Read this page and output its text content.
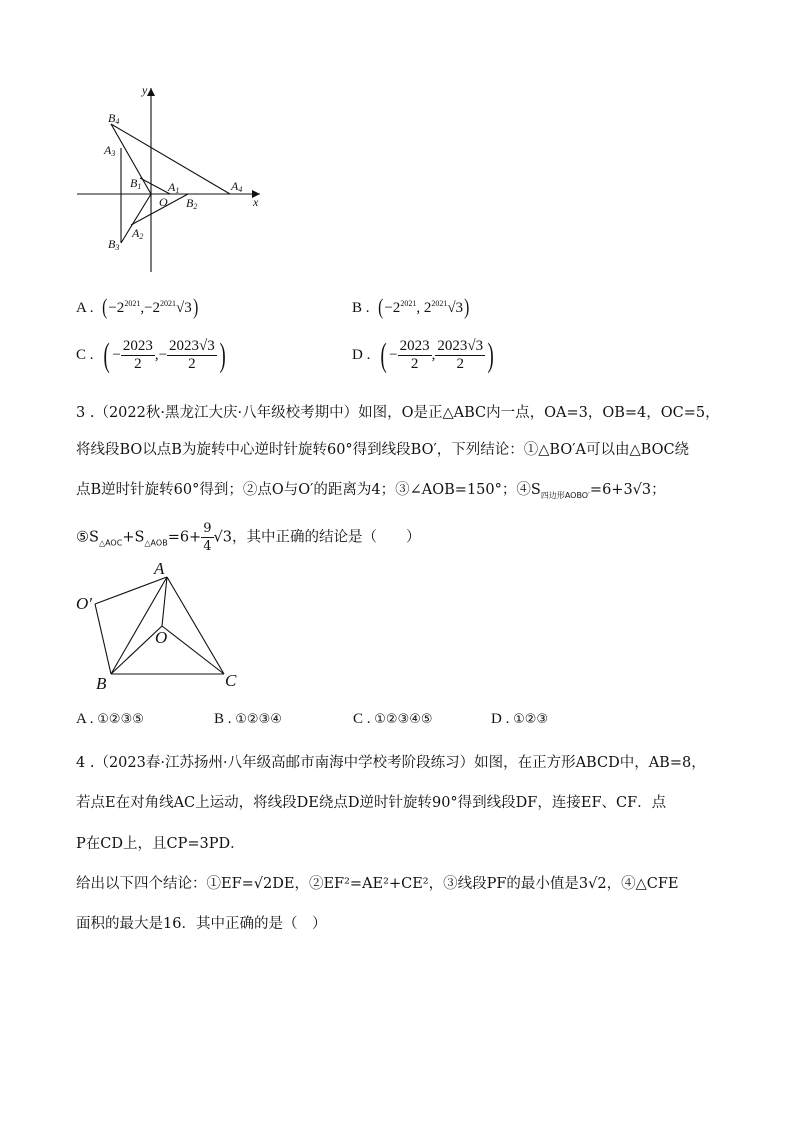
y
x
B4
A3
B1 A1	A4
O B2
A2
B3
A .  $(-2^{2021},-2^{2021}√3)$	B .  ($-2^{2021}$, $2^{2021}√3$)
C .  ( − $\frac{2023}{2}$ ,− $\frac{2023√3}{2}$ )	D .  ( − $\frac{2023}{2}$ , $\frac{2023√3}{2}$ )
3 .（2022秋·黑龙江大庆·八年级校考期中）如图，O是正△ABC内一点，OA=3，OB=4，OC=5，
将线段BO以点B为旋转中心逆时针旋转60°得到线段BO′，下列结论：①△BO′A可以由△BOC绕
点B逆时针旋转60°得到；②点O与O′的距离为4；③∠AOB=150°；$④S_{四边形AOBO'}=6+3√3$；
$⑤S_{\triangle AOC}+S_{\triangle AOB}=6+ \frac{9}{4} √3$，其中正确的结论是（　　）
A
O′
O
B	C
A . ①②③⑤	B . ①②③④	C . ①②③④⑤	D . ①②③
4 .（2023春·江苏扬州·八年级高邮市南海中学校考阶段练习）如图，在正方形ABCD中，AB=8，
若点E在对角线AC上运动，将线段DE绕点D逆时针旋转90°得到线段DF，连接EF、CF．点
P在CD上，且CP=3PD．
给出以下四个结论：①EF=√2DE，②EF²=AE²+CE²，③线段PF的最小值是3√2，④△CFE
面积的最大是16．其中正确的是（　）
